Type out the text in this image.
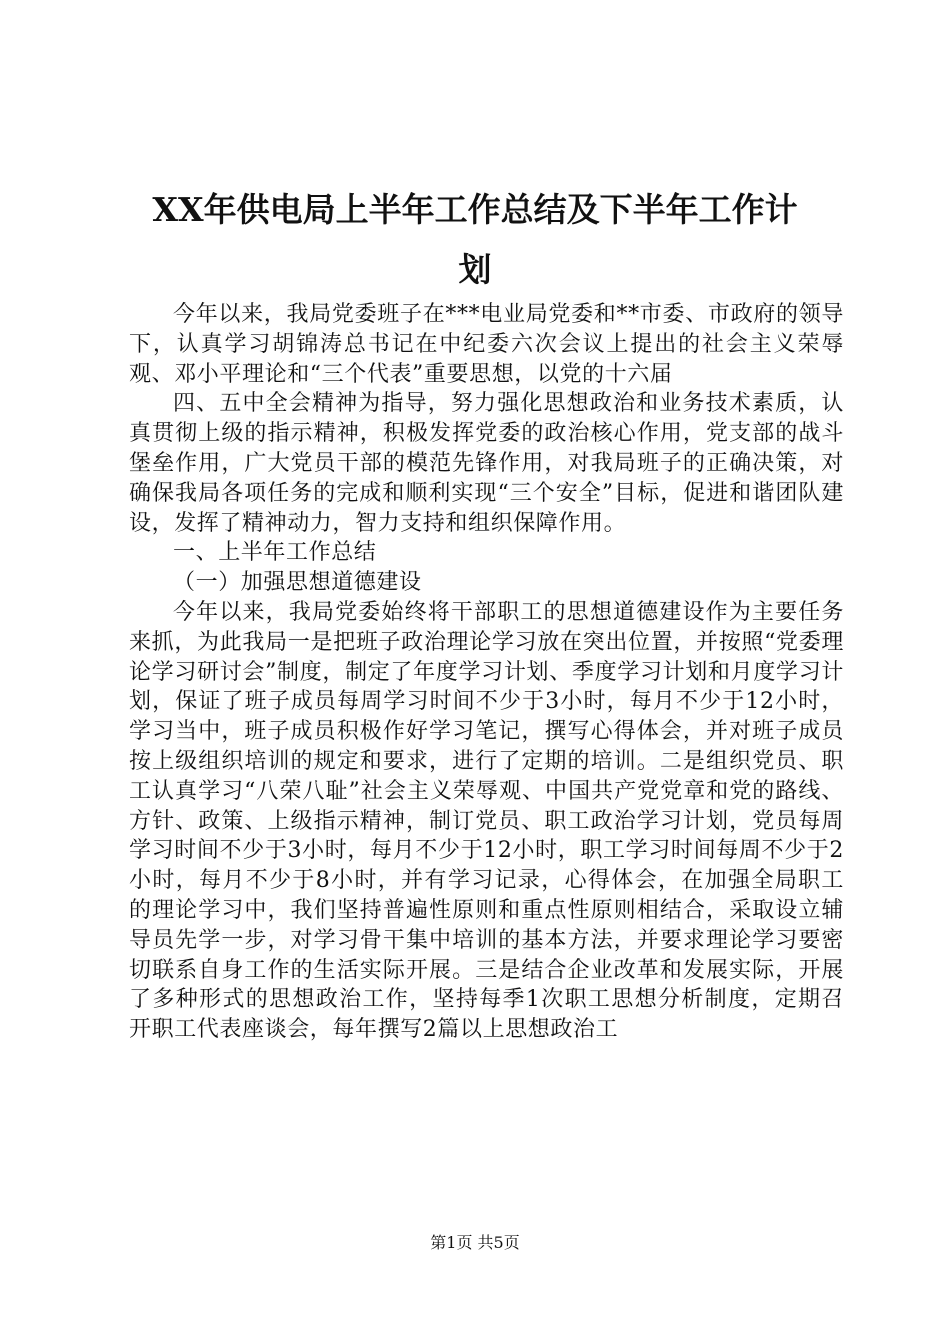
XX年供电局上半年工作总结及下半年工作计
划

今年以来，我局党委班子在***电业局党委和**市委、市政府的领导下，认真学习胡锦涛总书记在中纪委六次会议上提出的社会主义荣辱观、邓小平理论和“三个代表”重要思想，以党的十六届

四、五中全会精神为指导，努力强化思想政治和业务技术素质，认真贯彻上级的指示精神，积极发挥党委的政治核心作用，党支部的战斗堡垒作用，广大党员干部的模范先锋作用，对我局班子的正确决策，对确保我局各项任务的完成和顺利实现“三个安全”目标，促进和谐团队建设，发挥了精神动力，智力支持和组织保障作用。

一、上半年工作总结

（一）加强思想道德建设

今年以来，我局党委始终将干部职工的思想道德建设作为主要任务来抓，为此我局一是把班子政治理论学习放在突出位置，并按照“党委理论学习研讨会”制度，制定了年度学习计划、季度学习计划和月度学习计划，保证了班子成员每周学习时间不少于3小时，每月不少于12小时，学习当中，班子成员积极作好学习笔记，撰写心得体会，并对班子成员按上级组织培训的规定和要求，进行了定期的培训。二是组织党员、职工认真学习“八荣八耻”社会主义荣辱观、中国共产党党章和党的路线、方针、政策、上级指示精神，制订党员、职工政治学习计划，党员每周学习时间不少于3小时，每月不少于12小时，职工学习时间每周不少于2小时，每月不少于8小时，并有学习记录，心得体会，在加强全局职工的理论学习中，我们坚持普遍性原则和重点性原则相结合，采取设立辅导员先学一步，对学习骨干集中培训的基本方法，并要求理论学习要密切联系自身工作的生活实际开展。三是结合企业改革和发展实际，开展了多种形式的思想政治工作，坚持每季1次职工思想分析制度，定期召开职工代表座谈会，每年撰写2篇以上思想政治工

第1页 共5页
